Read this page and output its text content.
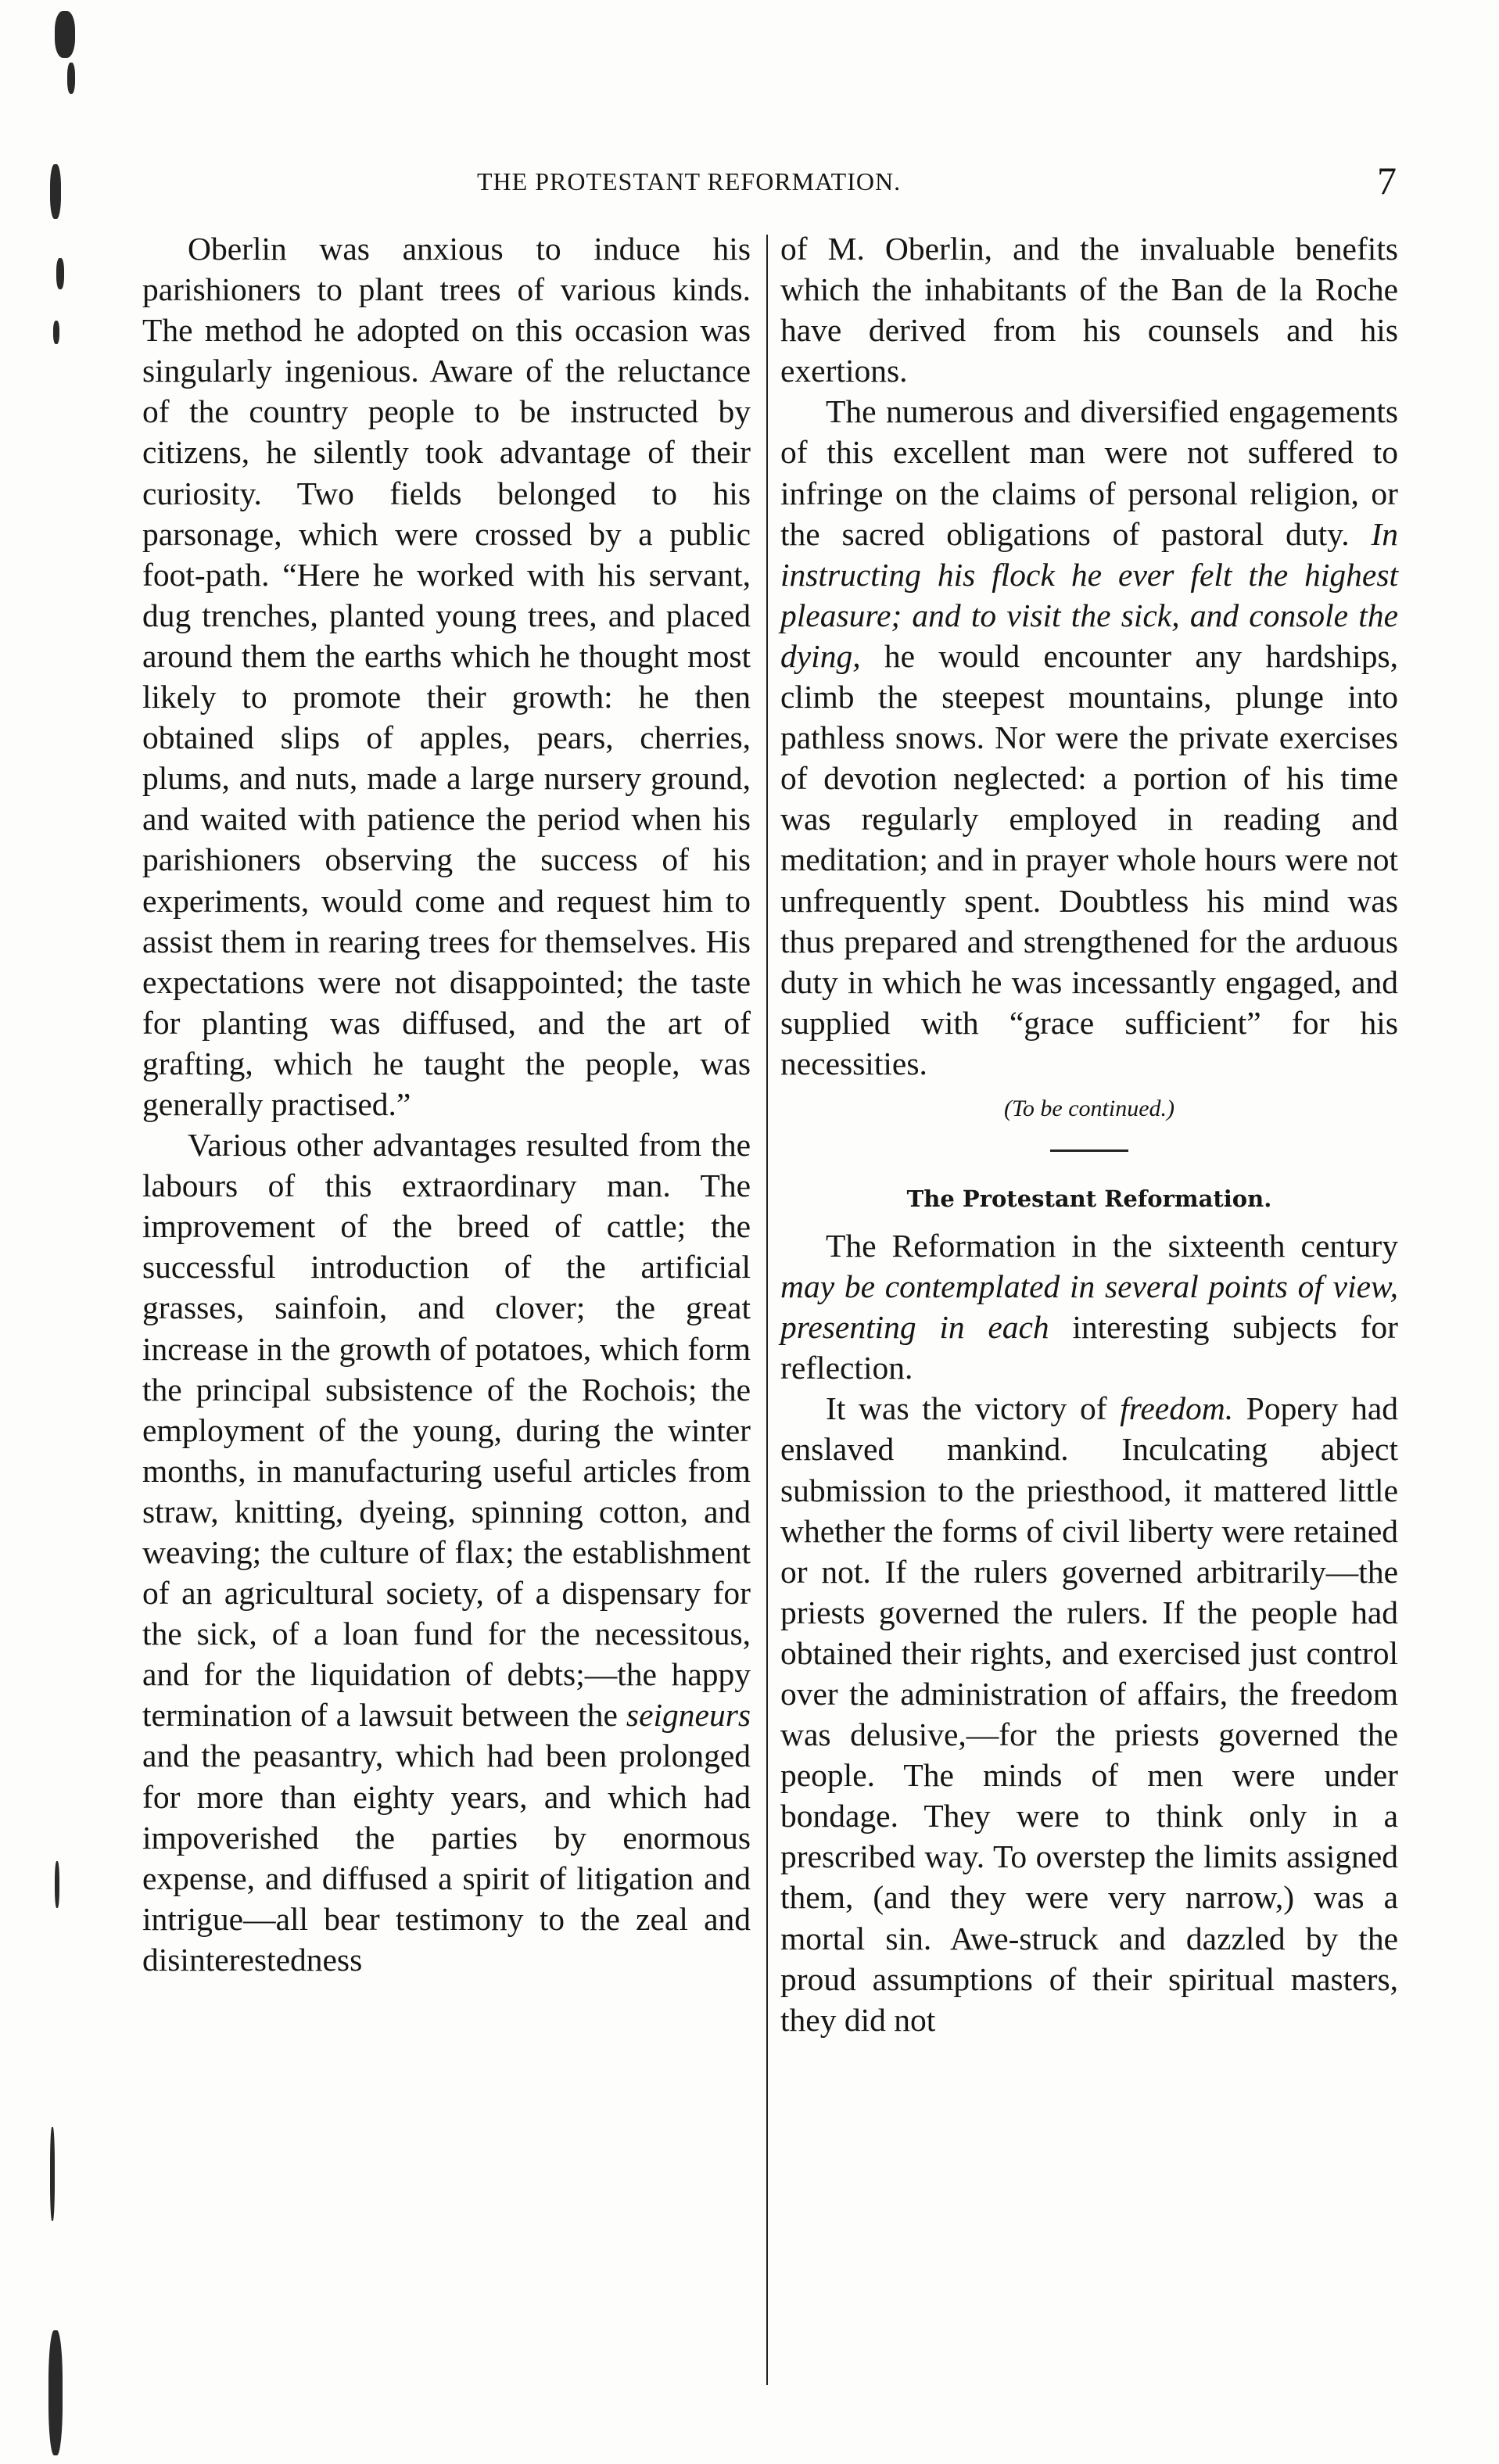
THE PROTESTANT REFORMATION.	7

Oberlin was anxious to induce his parishioners to plant trees of various kinds. The method he adopted on this occasion was singularly ingenious. Aware of the reluctance of the country people to be instructed by citizens, he silently took advantage of their curiosity. Two fields belonged to his parsonage, which were crossed by a public foot-path. “Here he worked with his servant, dug trenches, planted young trees, and placed around them the earths which he thought most likely to promote their growth: he then obtained slips of apples, pears, cherries, plums, and nuts, made a large nursery ground, and waited with patience the period when his parishioners observing the success of his experiments, would come and request him to assist them in rearing trees for themselves. His expectations were not disappointed; the taste for planting was diffused, and the art of grafting, which he taught the people, was generally practised.”

Various other advantages resulted from the labours of this extraordinary man. The improvement of the breed of cattle; the successful introduction of the artificial grasses, sainfoin, and clover; the great increase in the growth of potatoes, which form the principal subsistence of the Rochois; the employment of the young, during the winter months, in manufacturing useful articles from straw, knitting, dyeing, spinning cotton, and weaving; the culture of flax; the establishment of an agricultural society, of a dispensary for the sick, of a loan fund for the necessitous, and for the liquidation of debts;—the happy termination of a lawsuit between the seigneurs and the peasantry, which had been prolonged for more than eighty years, and which had impoverished the parties by enormous expense, and diffused a spirit of litigation and intrigue—all bear testimony to the zeal and disinterestedness

of M. Oberlin, and the invaluable benefits which the inhabitants of the Ban de la Roche have derived from his counsels and his exertions.

The numerous and diversified engagements of this excellent man were not suffered to infringe on the claims of personal religion, or the sacred obligations of pastoral duty. In instructing his flock he ever felt the highest pleasure; and to visit the sick, and console the dying, he would encounter any hardships, climb the steepest mountains, plunge into pathless snows. Nor were the private exercises of devotion neglected: a portion of his time was regularly employed in reading and meditation; and in prayer whole hours were not unfrequently spent. Doubtless his mind was thus prepared and strengthened for the arduous duty in which he was incessantly engaged, and supplied with “grace sufficient” for his necessities.

(To be continued.)

The Protestant Reformation.

The Reformation in the sixteenth century may be contemplated in several points of view, presenting in each interesting subjects for reflection.

It was the victory of freedom. Popery had enslaved mankind. Inculcating abject submission to the priesthood, it mattered little whether the forms of civil liberty were retained or not. If the rulers governed arbitrarily—the priests governed the rulers. If the people had obtained their rights, and exercised just control over the administration of affairs, the freedom was delusive,—for the priests governed the people. The minds of men were under bondage. They were to think only in a prescribed way. To overstep the limits assigned them, (and they were very narrow,) was a mortal sin. Awe-struck and dazzled by the proud assumptions of their spiritual masters, they did not
